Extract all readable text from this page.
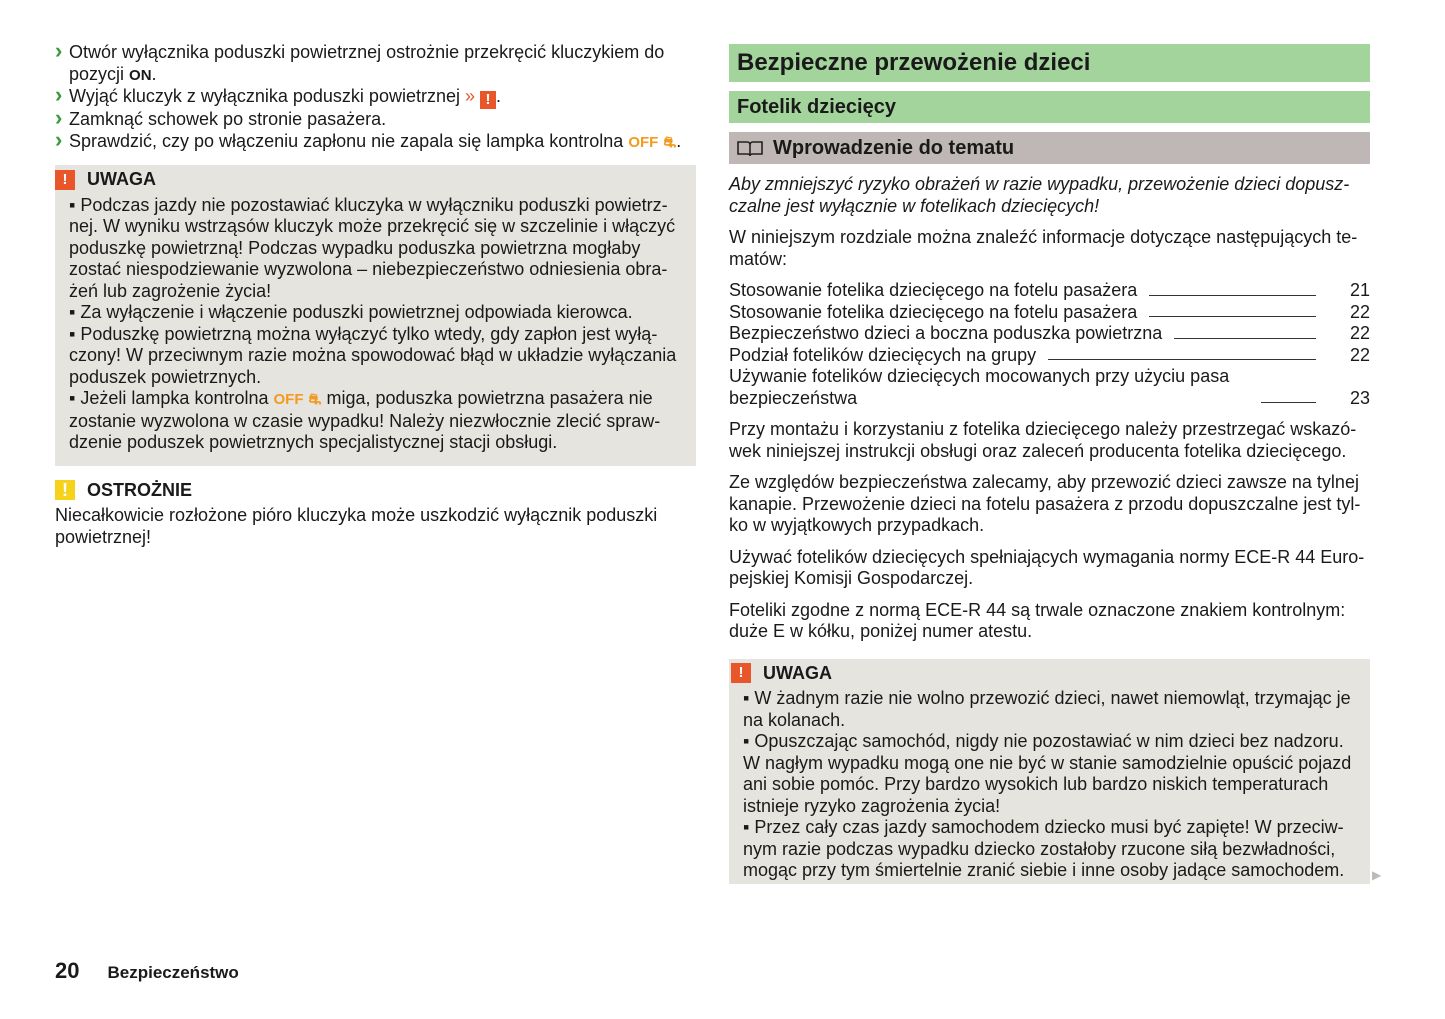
› Otwór wyłącznika poduszki powietrznej ostrożnie przekręcić kluczykiem do pozycji ON.
› Wyjąć kluczyk z wyłącznika poduszki powietrznej » ! .
› Zamknąć schowek po stronie pasażera.
› Sprawdzić, czy po włączeniu zapłonu nie zapala się lampka kontrolna OFF ⛐.
!	UWAGA
▪ Podczas jazdy nie pozostawiać kluczyka w wyłączniku poduszki powietrznej. W wyniku wstrząsów kluczyk może przekręcić się w szczelinie i włączyć poduszkę powietrzną! Podczas wypadku poduszka powietrzna mogłaby zostać niespodziewanie wyzwolona – niebezpieczeństwo odniesienia obrażeń lub zagrożenie życia!
▪ Za wyłączenie i włączenie poduszki powietrznej odpowiada kierowca.
▪ Poduszkę powietrzną można wyłączyć tylko wtedy, gdy zapłon jest wyłączony! W przeciwnym razie można spowodować błąd w układzie wyłączania poduszek powietrznych.
▪ Jeżeli lampka kontrolna OFF ⛐ miga, poduszka powietrzna pasażera nie zostanie wyzwolona w czasie wypadku! Należy niezwłocznie zlecić sprawdzenie poduszek powietrznych specjalistycznej stacji obsługi.
!	OSTROŻNIE
Niecałkowicie rozłożone pióro kluczyka może uszkodzić wyłącznik poduszki powietrznej!
Bezpieczne przewożenie dzieci
Fotelik dziecięcy
Wprowadzenie do tematu
Aby zmniejszyć ryzyko obrażeń w razie wypadku, przewożenie dzieci dopuszczalne jest wyłącznie w fotelikach dziecięcych!

W niniejszym rozdziale można znaleźć informacje dotyczące następujących tematów:

Stosowanie fotelika dziecięcego na fotelu pasażera	21
Stosowanie fotelika dziecięcego na fotelu pasażera	22
Bezpieczeństwo dzieci a boczna poduszka powietrzna	22
Podział fotelików dziecięcych na grupy	22
Używanie fotelików dziecięcych mocowanych przy użyciu pasa bezpieczeństwa	23

Przy montażu i korzystaniu z fotelika dziecięcego należy przestrzegać wskazówek niniejszej instrukcji obsługi oraz zaleceń producenta fotelika dziecięcego.

Ze względów bezpieczeństwa zalecamy, aby przewozić dzieci zawsze na tylnej kanapie. Przewożenie dzieci na fotelu pasażera z przodu dopuszczalne jest tylko w wyjątkowych przypadkach.

Używać fotelików dziecięcych spełniających wymagania normy ECE-R 44 Europejskiej Komisji Gospodarczej.

Foteliki zgodne z normą ECE-R 44 są trwale oznaczone znakiem kontrolnym: duże E w kółku, poniżej numer atestu.

!	UWAGA
▪ W żadnym razie nie wolno przewozić dzieci, nawet niemowląt, trzymając je na kolanach.
▪ Opuszczając samochód, nigdy nie pozostawiać w nim dzieci bez nadzoru. W nagłym wypadku mogą one nie być w stanie samodzielnie opuścić pojazd ani sobie pomóc. Przy bardzo wysokich lub bardzo niskich temperaturach istnieje ryzyko zagrożenia życia!
▪ Przez cały czas jazdy samochodem dziecko musi być zapięte! W przeciwnym razie podczas wypadku dziecko zostałoby rzucone siłą bezwładności, mogąc przy tym śmiertelnie zranić siebie i inne osoby jadące samochodem.	▶
20 Bezpieczeństwo
